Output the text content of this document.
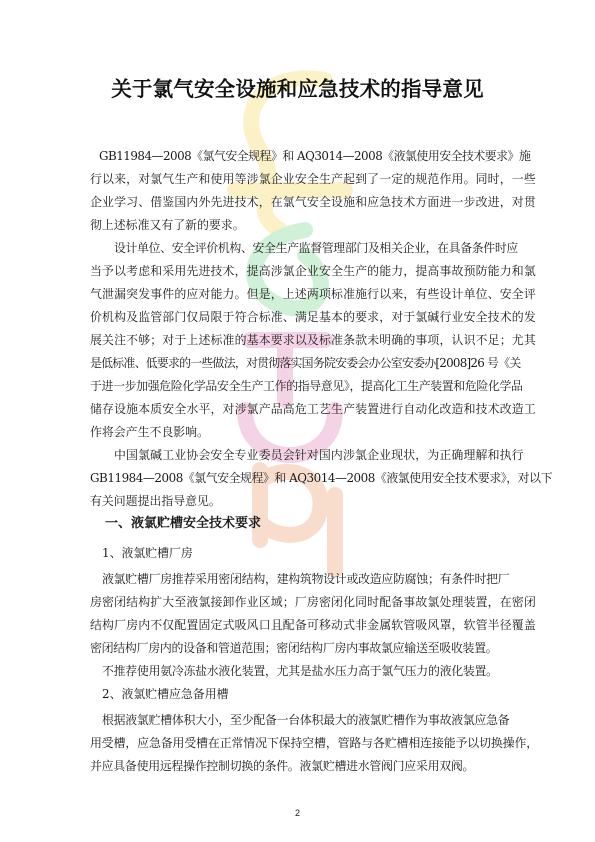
关于氯气安全设施和应急技术的指导意见
GB11984—2008《氯气安全规程》和 AQ3014—2008《液氯使用安全技术要求》施
行以来，对氯气生产和使用等涉氯企业安全生产起到了一定的规范作用。同时，一些
企业学习、借鉴国内外先进技术，在氯气安全设施和应急技术方面进一步改进，对贯
彻上述标准又有了新的要求。
设计单位、安全评价机构、安全生产监督管理部门及相关企业，在具备条件时应
当予以考虑和采用先进技术，提高涉氯企业安全生产的能力，提高事故预防能力和氯
气泄漏突发事件的应对能力。但是，上述两项标准施行以来，有些设计单位、安全评
价机构及监管部门仅局限于符合标准、满足基本的要求，对于氯碱行业安全技术的发
展关注不够；对于上述标准的基本要求以及标准条款未明确的事项，认识不足；尤其
是低标准、低要求的一些做法，对贯彻落实国务院安委会办公室安委办[2008]26 号《关
于进一步加强危险化学品安全生产工作的指导意见》，提高化工生产装置和危险化学品
储存设施本质安全水平，对涉氯产品高危工艺生产装置进行自动化改造和技术改造工
作将会产生不良影响。
中国氯碱工业协会安全专业委员会针对国内涉氯企业现状，为正确理解和执行
GB11984—2008《氯气安全规程》和 AQ3014—2008《液氯使用安全技术要求》，对以下
有关问题提出指导意见。
一、液氯贮槽安全技术要求
1、液氯贮槽厂房
液氯贮槽厂房推荐采用密闭结构，建构筑物设计或改造应防腐蚀；有条件时把厂
房密闭结构扩大至液氯接卸作业区域；厂房密闭化同时配备事故氯处理装置，在密闭
结构厂房内不仅配置固定式吸风口且配备可移动式非金属软管吸风罩，软管半径覆盖
密闭结构厂房内的设备和管道范围；密闭结构厂房内事故氯应输送至吸收装置。
不推荐使用氨冷冻盐水液化装置，尤其是盐水压力高于氯气压力的液化装置。
2、液氯贮槽应急备用槽
根据液氯贮槽体积大小，至少配备一台体积最大的液氯贮槽作为事故液氯应急备
用受槽，应急备用受槽在正常情况下保持空槽，管路与各贮槽相连接能予以切换操作，
并应具备使用远程操作控制切换的条件。液氯贮槽进水管阀门应采用双阀。
2
